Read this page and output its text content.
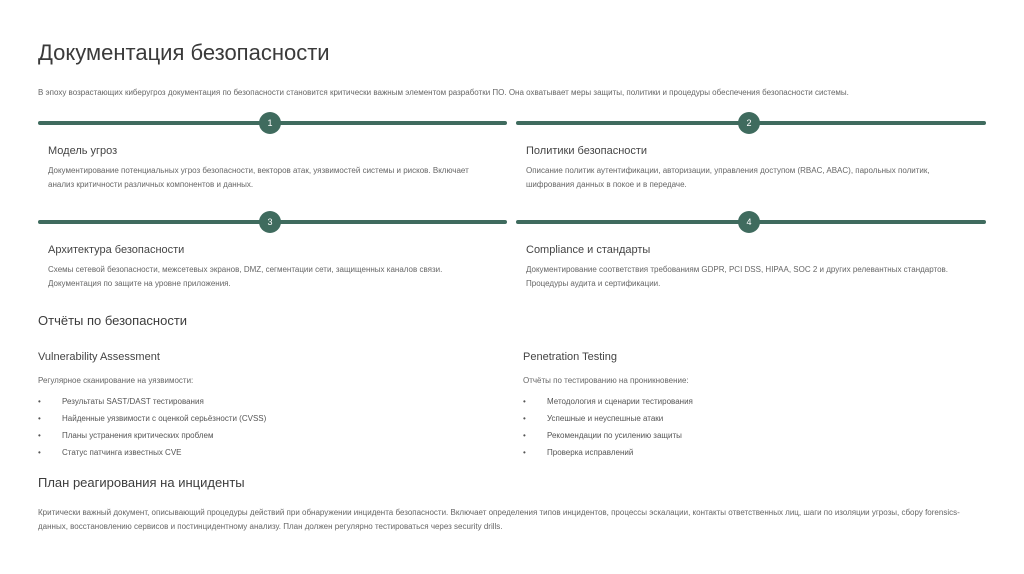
Документация безопасности
В эпоху возрастающих киберугроз документация по безопасности становится критически важным элементом разработки ПО. Она охватывает меры защиты, политики и процедуры обеспечения безопасности системы.
1	2
Модель угроз
Документирование потенциальных угроз безопасности, векторов атак, уязвимостей системы и рисков. Включает анализ критичности различных компонентов и данных.
Политики безопасности
Описание политик аутентификации, авторизации, управления доступом (RBAC, ABAC), парольных политик, шифрования данных в покое и в передаче.
3	4
Архитектура безопасности
Схемы сетевой безопасности, межсетевых экранов, DMZ, сегментации сети, защищенных каналов связи. Документация по защите на уровне приложения.
Compliance и стандарты
Документирование соответствия требованиям GDPR, PCI DSS, HIPAA, SOC 2 и других релевантных стандартов. Процедуры аудита и сертификации.
Отчёты по безопасности
Vulnerability Assessment
Регулярное сканирование на уязвимости:
•	Результаты SAST/DAST тестирования
•	Найденные уязвимости с оценкой серьёзности (CVSS)
•	Планы устранения критических проблем
•	Статус патчинга известных CVE
Penetration Testing
Отчёты по тестированию на проникновение:
•	Методология и сценарии тестирования
•	Успешные и неуспешные атаки
•	Рекомендации по усилению защиты
•	Проверка исправлений
План реагирования на инциденты
Критически важный документ, описывающий процедуры действий при обнаружении инцидента безопасности. Включает определения типов инцидентов, процессы эскалации, контакты ответственных лиц, шаги по изоляции угрозы, сбору forensics-данных, восстановлению сервисов и постинцидентному анализу. План должен регулярно тестироваться через security drills.
